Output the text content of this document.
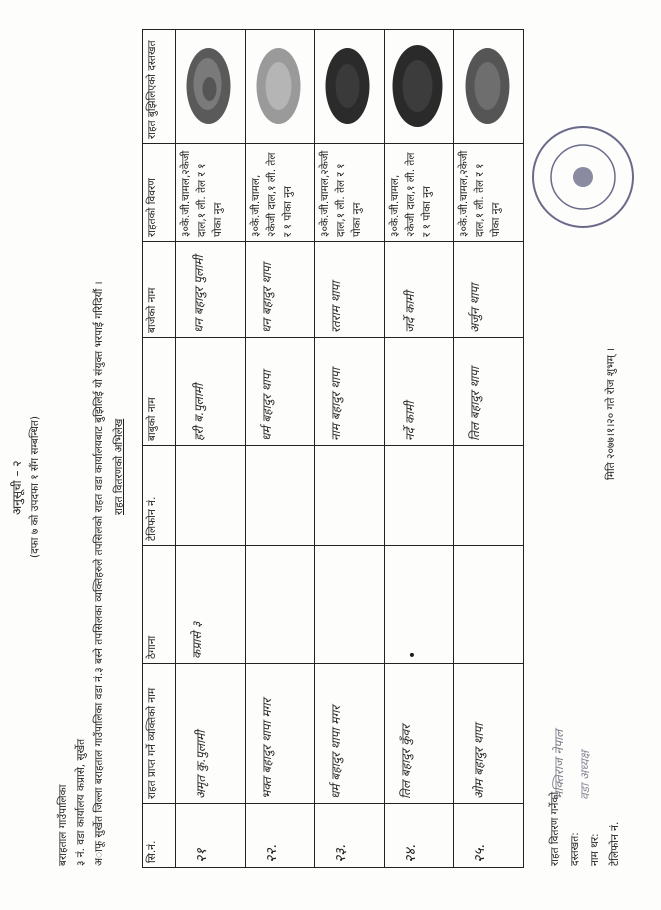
अनुसूची – २ (दफा ७ को उपदफा १ सँग सम्बन्धित)
बराहताल गाउँपालिका ३ नं. वडा कार्यालय कप्रासे, सुर्खेत अाफू सुर्खेत जिल्ला बराहताल गाउँपालिका वडा नं.३ बस्ने तपसिलका व्यक्तिहरुले तपसिलको राहत वडा कार्यालयबाट बुझिलिई यो संयुक्त भरपाई गरिदियौं । राहत वितरणको अभिलेख
सि.नं.	राहत प्राप्त गर्ने व्यक्तिको नाम	ठेगाना	टेलिफोन नं.	बाबुको नाम	बाजेको नाम	राहतको विवरण	राहत बुझिलिएको दस्तखत

२१	अमृत कु.पुलामी	कप्रासे ३		हरी ब.पुलामी	धन बहादुर पुलामी	३०के.जी.चामल,२केजी दाल,१ ली. तेल र १ पोका नुन

२२.	भक्त बहादुर थापा मगर			धर्म बहादुर थापा	धन बहादुर थापा	३०के.जी.चामल, २केजी दाल,१ ली. तेल र १ पोका नुन

२३.	धर्म बहादुर थापा मगर			नाम बहादुर थापा	रतराम थापा	३०के.जी.चामल,२केजी दाल,१ ली. तेल र १ पोका नुन

२४.	तिल बहादुर कुँवर	•		नर्दे कामी	जर्दे कामी	३०के.जी.चामल, २केजी दाल,१ ली. तेल र १ पोका नुन

२५.	ओम बहादुर थापा			तिल बहादुर थापा	अर्जुन थापा	३०के.जी.चामल,२केजी दाल,१ ली. तेल र १ पोका नुन

राहत वितरण गर्नेको दस्तखत: नाम थर: टेलिफोन नं.
भक्तिराज नेपाल वडा अध्यक्ष
मिति २०७७।१।२० गते रोज शुभम् ।
